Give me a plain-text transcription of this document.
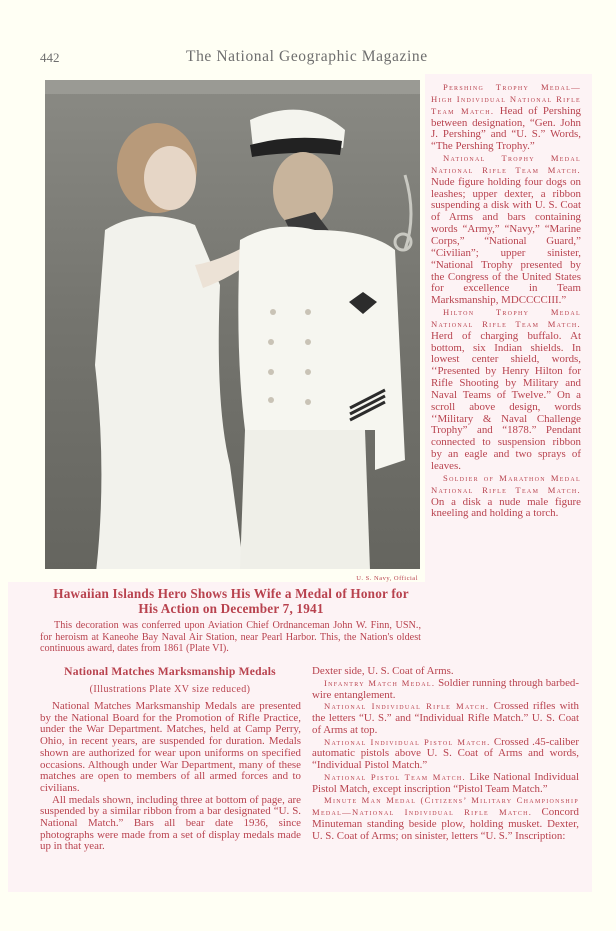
442	The National Geographic Magazine
U. S. Navy, Official
Hawaiian Islands Hero Shows His Wife a Medal of Honor for
His Action on December 7, 1941
This decoration was conferred upon Aviation Chief Ordnanceman John W. Finn, USN., for heroism at Kaneohe Bay Naval Air Station, near Pearl Harbor. This, the Nation's oldest continuous award, dates from 1861 (Plate VI).

Pershing Trophy Medal—High Individual National Rifle Team Match. Head of Pershing between designation, “Gen. John J. Pershing” and “U. S.” Words, “The Pershing Trophy.”

National Trophy Medal National Rifle Team Match. Nude figure holding four dogs on leashes; upper dexter, a ribbon suspending a disk with U. S. Coat of Arms and bars containing words “Army,” “Navy,” “Marine Corps,” “National Guard,” “Civilian”; upper sinister, “National Trophy presented by the Congress of the United States for excellence in Team Marksmanship, MDCCCCIII.”

Hilton Trophy Medal National Rifle Team Match. Herd of charging buffalo. At bottom, six Indian shields. In lowest center shield, words, ‘‘Presented by Henry Hilton for Rifle Shooting by Military and Naval Teams of Twelve.” On a scroll above design, words ‘‘Military & Naval Challenge Trophy” and “1878.” Pendant connected to suspension ribbon by an eagle and two sprays of leaves.

Soldier of Marathon Medal National Rifle Team Match. On a disk a nude male figure kneeling and holding a torch.

National Matches Marksmanship Medals
(Illustrations Plate XV size reduced)

National Matches Marksmanship Medals are presented by the National Board for the Promotion of Rifle Practice, under the War Department. Matches, held at Camp Perry, Ohio, in recent years, are suspended for duration. Medals shown are authorized for wear upon uniforms on specified occasions. Although under War Department, many of these matches are open to members of all armed forces and to civilians.

All medals shown, including three at bottom of page, are suspended by a similar ribbon from a bar designated “U. S. National Match.” Bars all bear date 1936, since photographs were made from a set of display medals made up in that year.

Dexter side, U. S. Coat of Arms.

Infantry Match Medal. Soldier running through barbed-wire entanglement.

National Individual Rifle Match. Crossed rifles with the letters “U. S.” and “Individual Rifle Match.” U. S. Coat of Arms at top.

National Individual Pistol Match. Crossed .45-caliber automatic pistols above U. S. Coat of Arms and words, “Individual Pistol Match.”

National Pistol Team Match. Like National Individual Pistol Match, except inscription “Pistol Team Match.”

Minute Man Medal (Citizens’ Military Championship Medal—National Individual Rifle Match. Concord Minuteman standing beside plow, holding musket. Dexter, U. S. Coat of Arms; on sinister, letters “U. S.” Inscription:
